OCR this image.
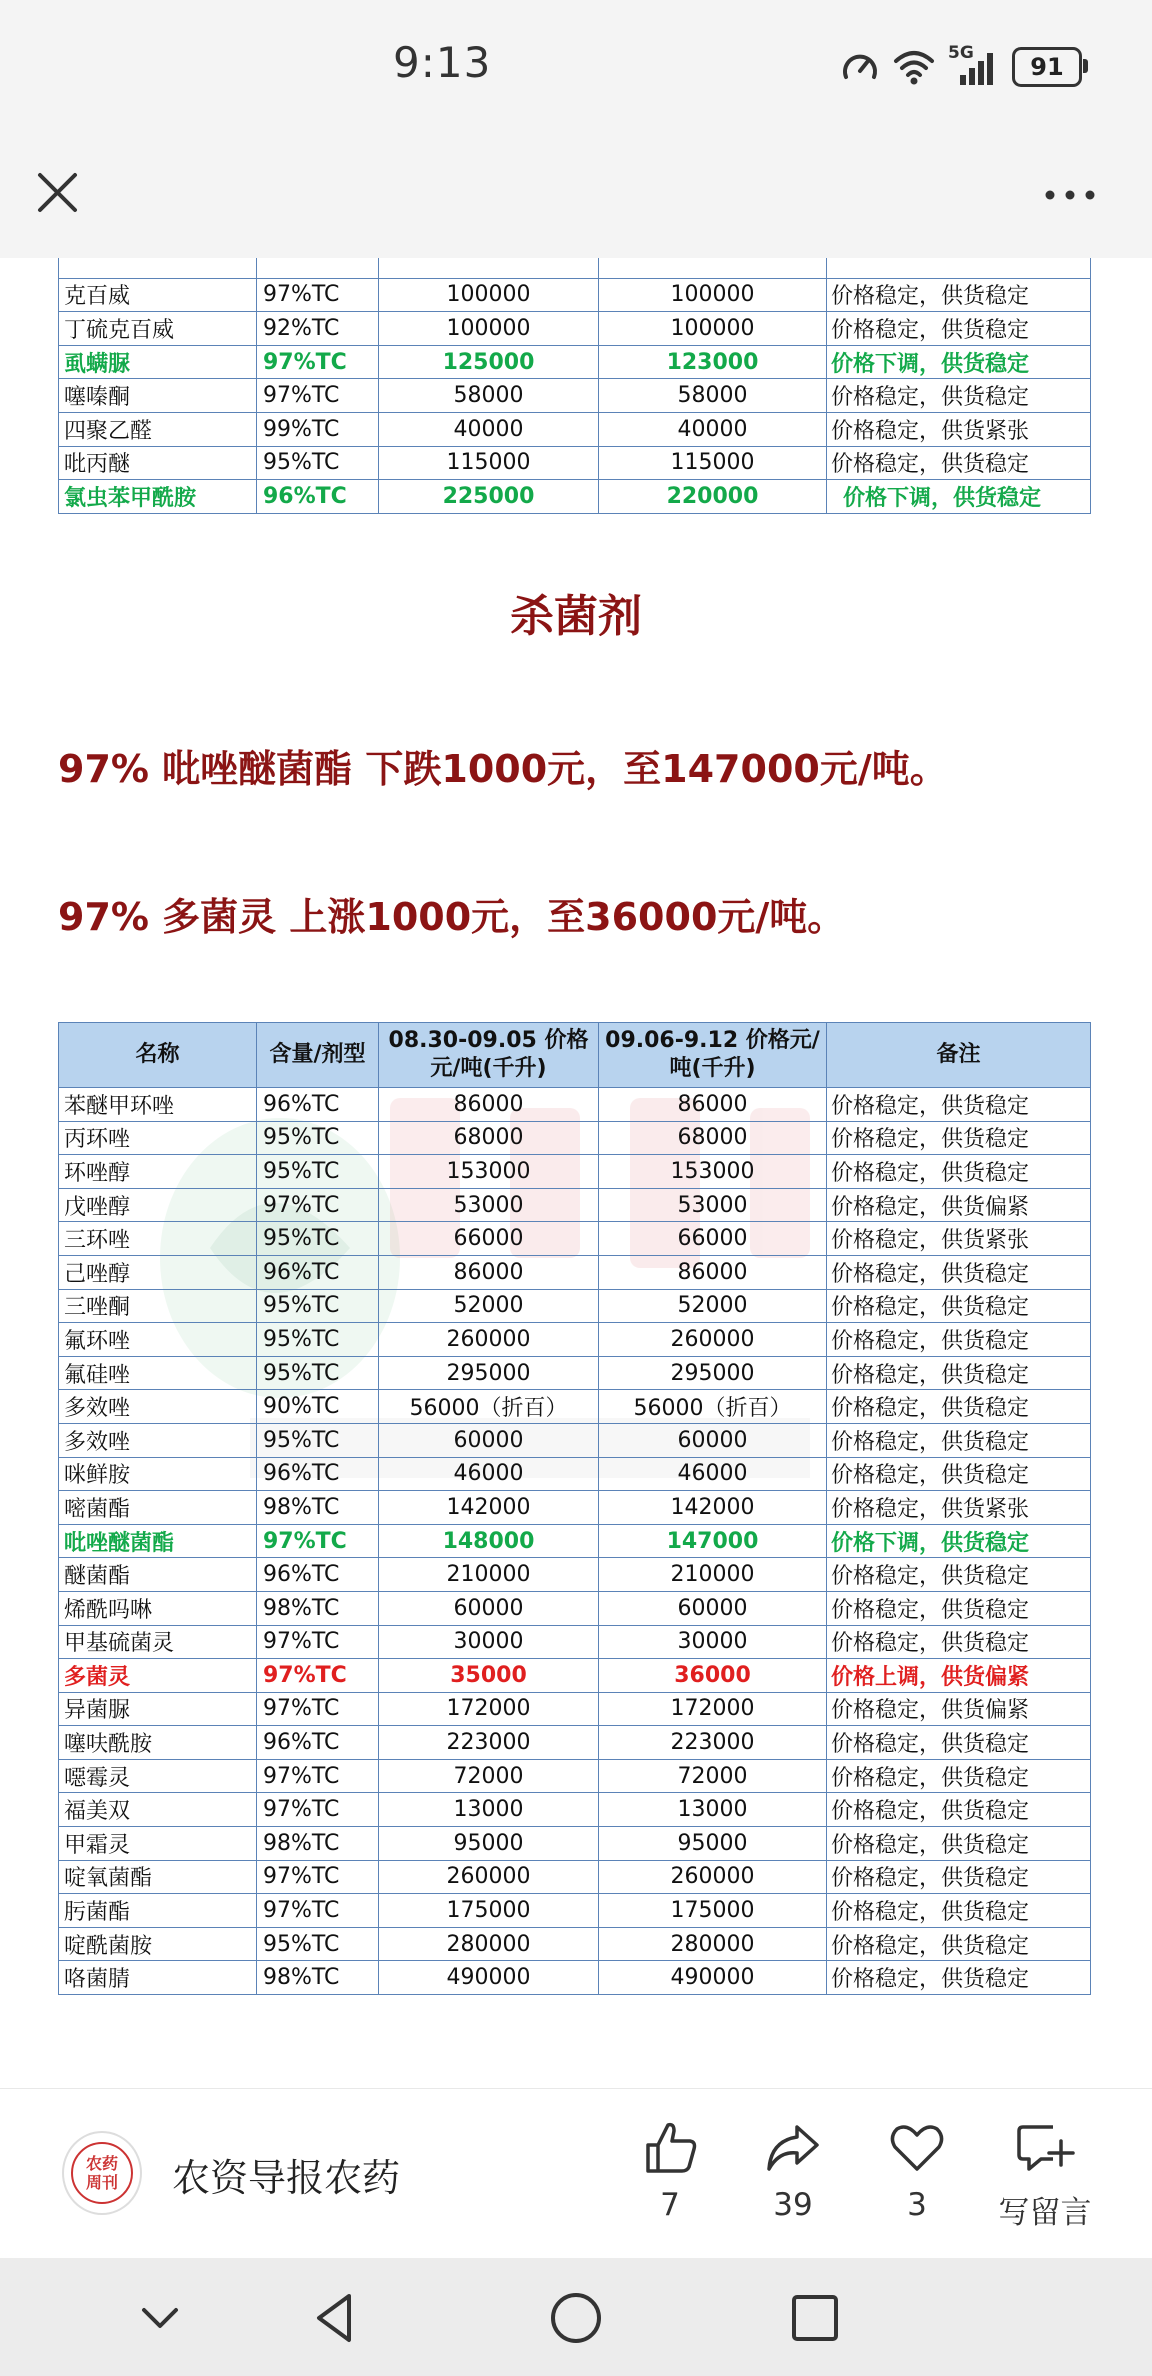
9:13	5G 91

克百威	97%TC	100000	100000	价格稳定，供货稳定
丁硫克百威	92%TC	100000	100000	价格稳定，供货稳定
虱螨脲	97%TC	125000	123000	价格下调，供货稳定
噻嗪酮	97%TC	58000	58000	价格稳定，供货稳定
四聚乙醛	99%TC	40000	40000	价格稳定，供货紧张
吡丙醚	95%TC	115000	115000	价格稳定，供货稳定
氯虫苯甲酰胺	96%TC	225000	220000	价格下调，供货稳定
杀菌剂
97% 吡唑醚菌酯 下跌1000元，至147000元/吨。
97% 多菌灵 上涨1000元，至36000元/吨。
名称	含量/剂型	08.30-09.05 价格元/吨(千升)	09.06-9.12 价格元/吨(千升)	备注
苯醚甲环唑	96%TC	86000	86000	价格稳定，供货稳定
丙环唑	95%TC	68000	68000	价格稳定，供货稳定
环唑醇	95%TC	153000	153000	价格稳定，供货稳定
戊唑醇	97%TC	53000	53000	价格稳定，供货偏紧
三环唑	95%TC	66000	66000	价格稳定，供货紧张
己唑醇	96%TC	86000	86000	价格稳定，供货稳定
三唑酮	95%TC	52000	52000	价格稳定，供货稳定
氟环唑	95%TC	260000	260000	价格稳定，供货稳定
氟硅唑	95%TC	295000	295000	价格稳定，供货稳定
多效唑	90%TC	56000（折百）	56000（折百）	价格稳定，供货稳定
多效唑	95%TC	60000	60000	价格稳定，供货稳定
咪鲜胺	96%TC	46000	46000	价格稳定，供货稳定
嘧菌酯	98%TC	142000	142000	价格稳定，供货紧张
吡唑醚菌酯	97%TC	148000	147000	价格下调，供货稳定
醚菌酯	96%TC	210000	210000	价格稳定，供货稳定
烯酰吗啉	98%TC	60000	60000	价格稳定，供货稳定
甲基硫菌灵	97%TC	30000	30000	价格稳定，供货稳定
多菌灵	97%TC	35000	36000	价格上调，供货偏紧
异菌脲	97%TC	172000	172000	价格稳定，供货偏紧
噻呋酰胺	96%TC	223000	223000	价格稳定，供货稳定
噁霉灵	97%TC	72000	72000	价格稳定，供货稳定
福美双	97%TC	13000	13000	价格稳定，供货稳定
甲霜灵	98%TC	95000	95000	价格稳定，供货稳定
啶氧菌酯	97%TC	260000	260000	价格稳定，供货稳定
肟菌酯	97%TC	175000	175000	价格稳定，供货稳定
啶酰菌胺	95%TC	280000	280000	价格稳定，供货稳定
咯菌腈	98%TC	490000	490000	价格稳定，供货稳定
农药
周刊 农资导报农药
7	39	3	写留言
